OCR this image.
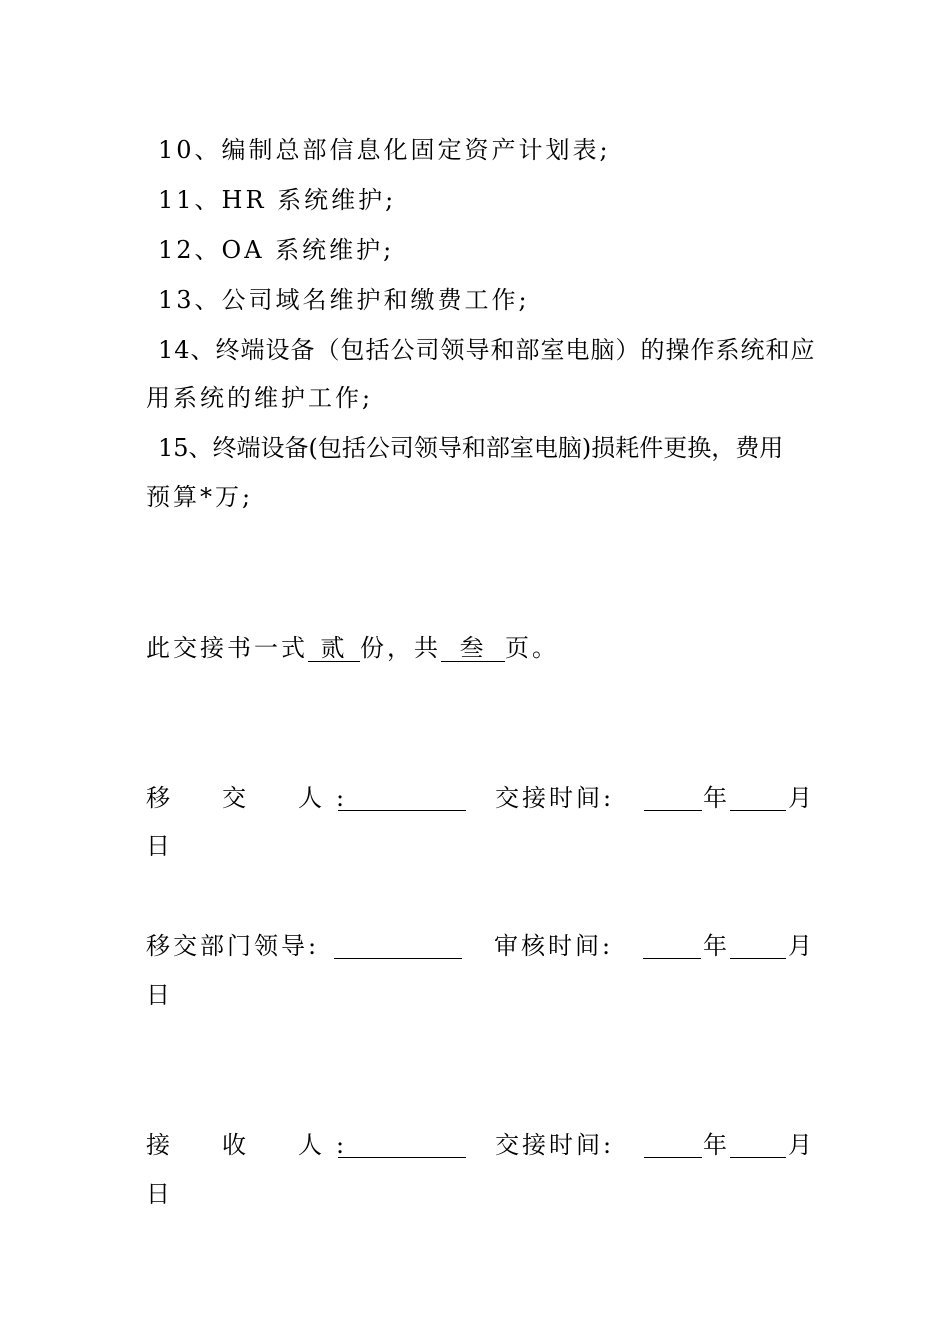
10、编制总部信息化固定资产计划表;
11、HR 系统维护;
12、OA 系统维护;
13、公司域名维护和缴费工作;
14、终端设备（包括公司领导和部室电脑）的操作系统和应
用系统的维护工作;
15、终端设备(包括公司领导和部室电脑)损耗件更换，费用
预算*万;
此交接书一式 贰 份，共 叁 页。
移　交　人:	交接时间:	年	月
日
移交部门领导:	审核时间:	年	月
日
接　收　人:	交接时间:	年	月
日
